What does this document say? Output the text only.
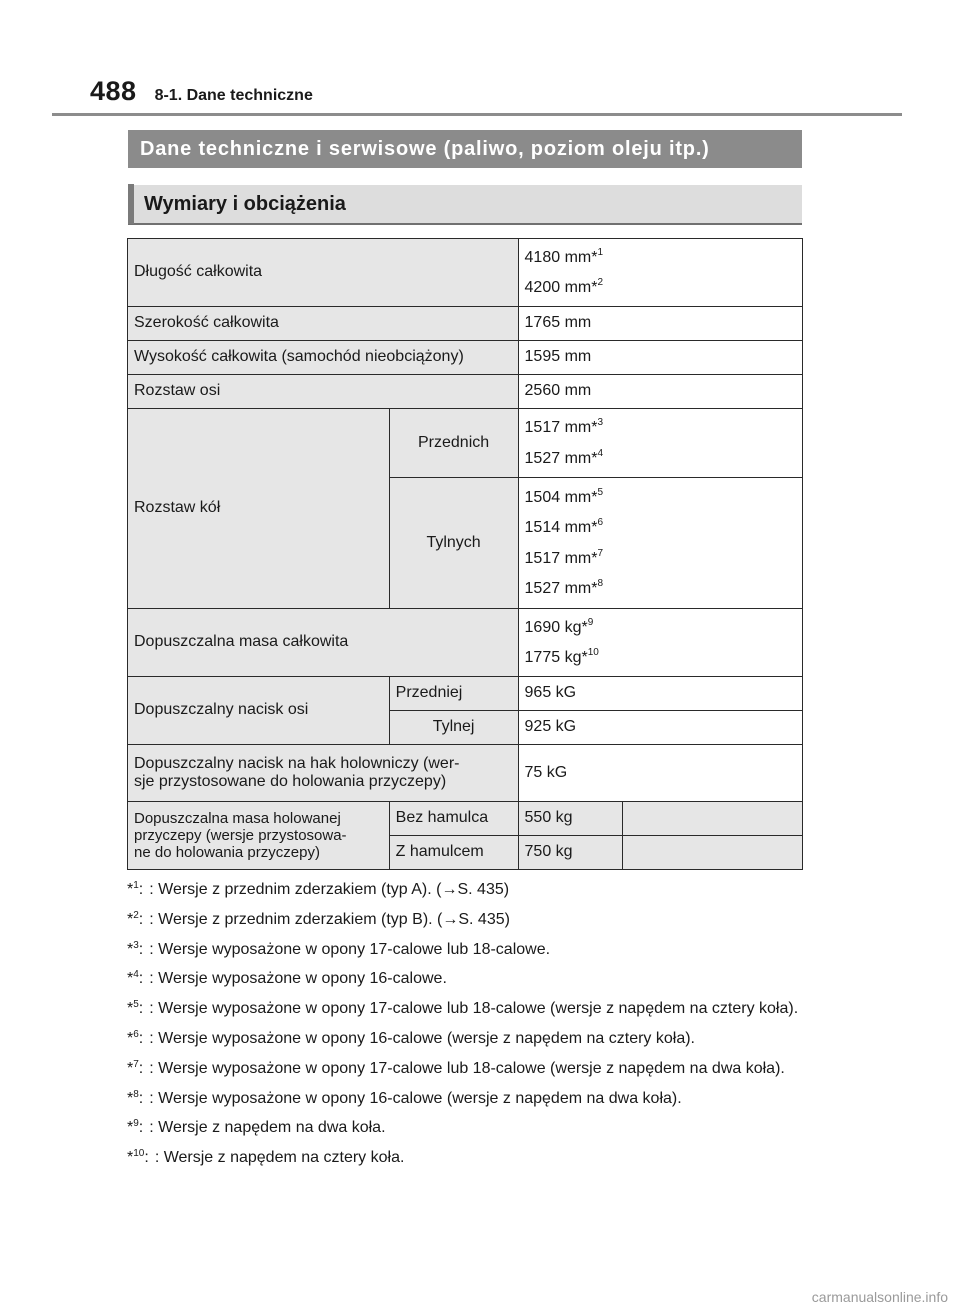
488 8-1. Dane techniczne
Dane techniczne i serwisowe (paliwo, poziom oleju itp.)
Wymiary i obciążenia
Długość całkowita		4180 mm*$^1$
4200 mm*$^2$

Szerokość całkowita		1765 mm	
Wysokość całkowita (samochód nieobciążony)		1595 mm	
Rozstaw osi		2560 mm	
Rozstaw kół	Przednich	1517 mm*$^3$
1527 mm*$^4$

	Tylnych	1504 mm*$^5$
1514 mm*$^6$
1517 mm*$^7$
1527 mm*$^8$

Dopuszczalna masa całkowita		1690 kg*$^9$
1775 kg*$^{10}$

Dopuszczalny nacisk osi	Przedniej	965 kG	
	Tylnej	925 kG	
Dopuszczalny nacisk na hak holowniczy (wer-
sje przystosowane do holowania przyczepy)		75 kG	
Dopuszczalna masa holowanej
przyczepy (wersje przystosowa-
ne do holowania przyczepy)	Bez hamulca	550 kg	
	Z hamulcem	750 kg	
*$^1$: : Wersje z przednim zderzakiem (typ A). (→S. 435)
*$^2$: : Wersje z przednim zderzakiem (typ B). (→S. 435)
*$^3$: : Wersje wyposażone w opony 17-calowe lub 18-calowe.
*$^4$: : Wersje wyposażone w opony 16-calowe.
*$^5$: : Wersje wyposażone w opony 17-calowe lub 18-calowe (wersje z napędem na cztery koła).
*$^6$: : Wersje wyposażone w opony 16-calowe (wersje z napędem na cztery koła).
*$^7$: : Wersje wyposażone w opony 17-calowe lub 18-calowe (wersje z napędem na dwa koła).
*$^8$: : Wersje wyposażone w opony 16-calowe (wersje z napędem na dwa koła).
*$^9$: : Wersje z napędem na dwa koła.
*$^{10}$: : Wersje z napędem na cztery koła.
carmanualsonline.info
